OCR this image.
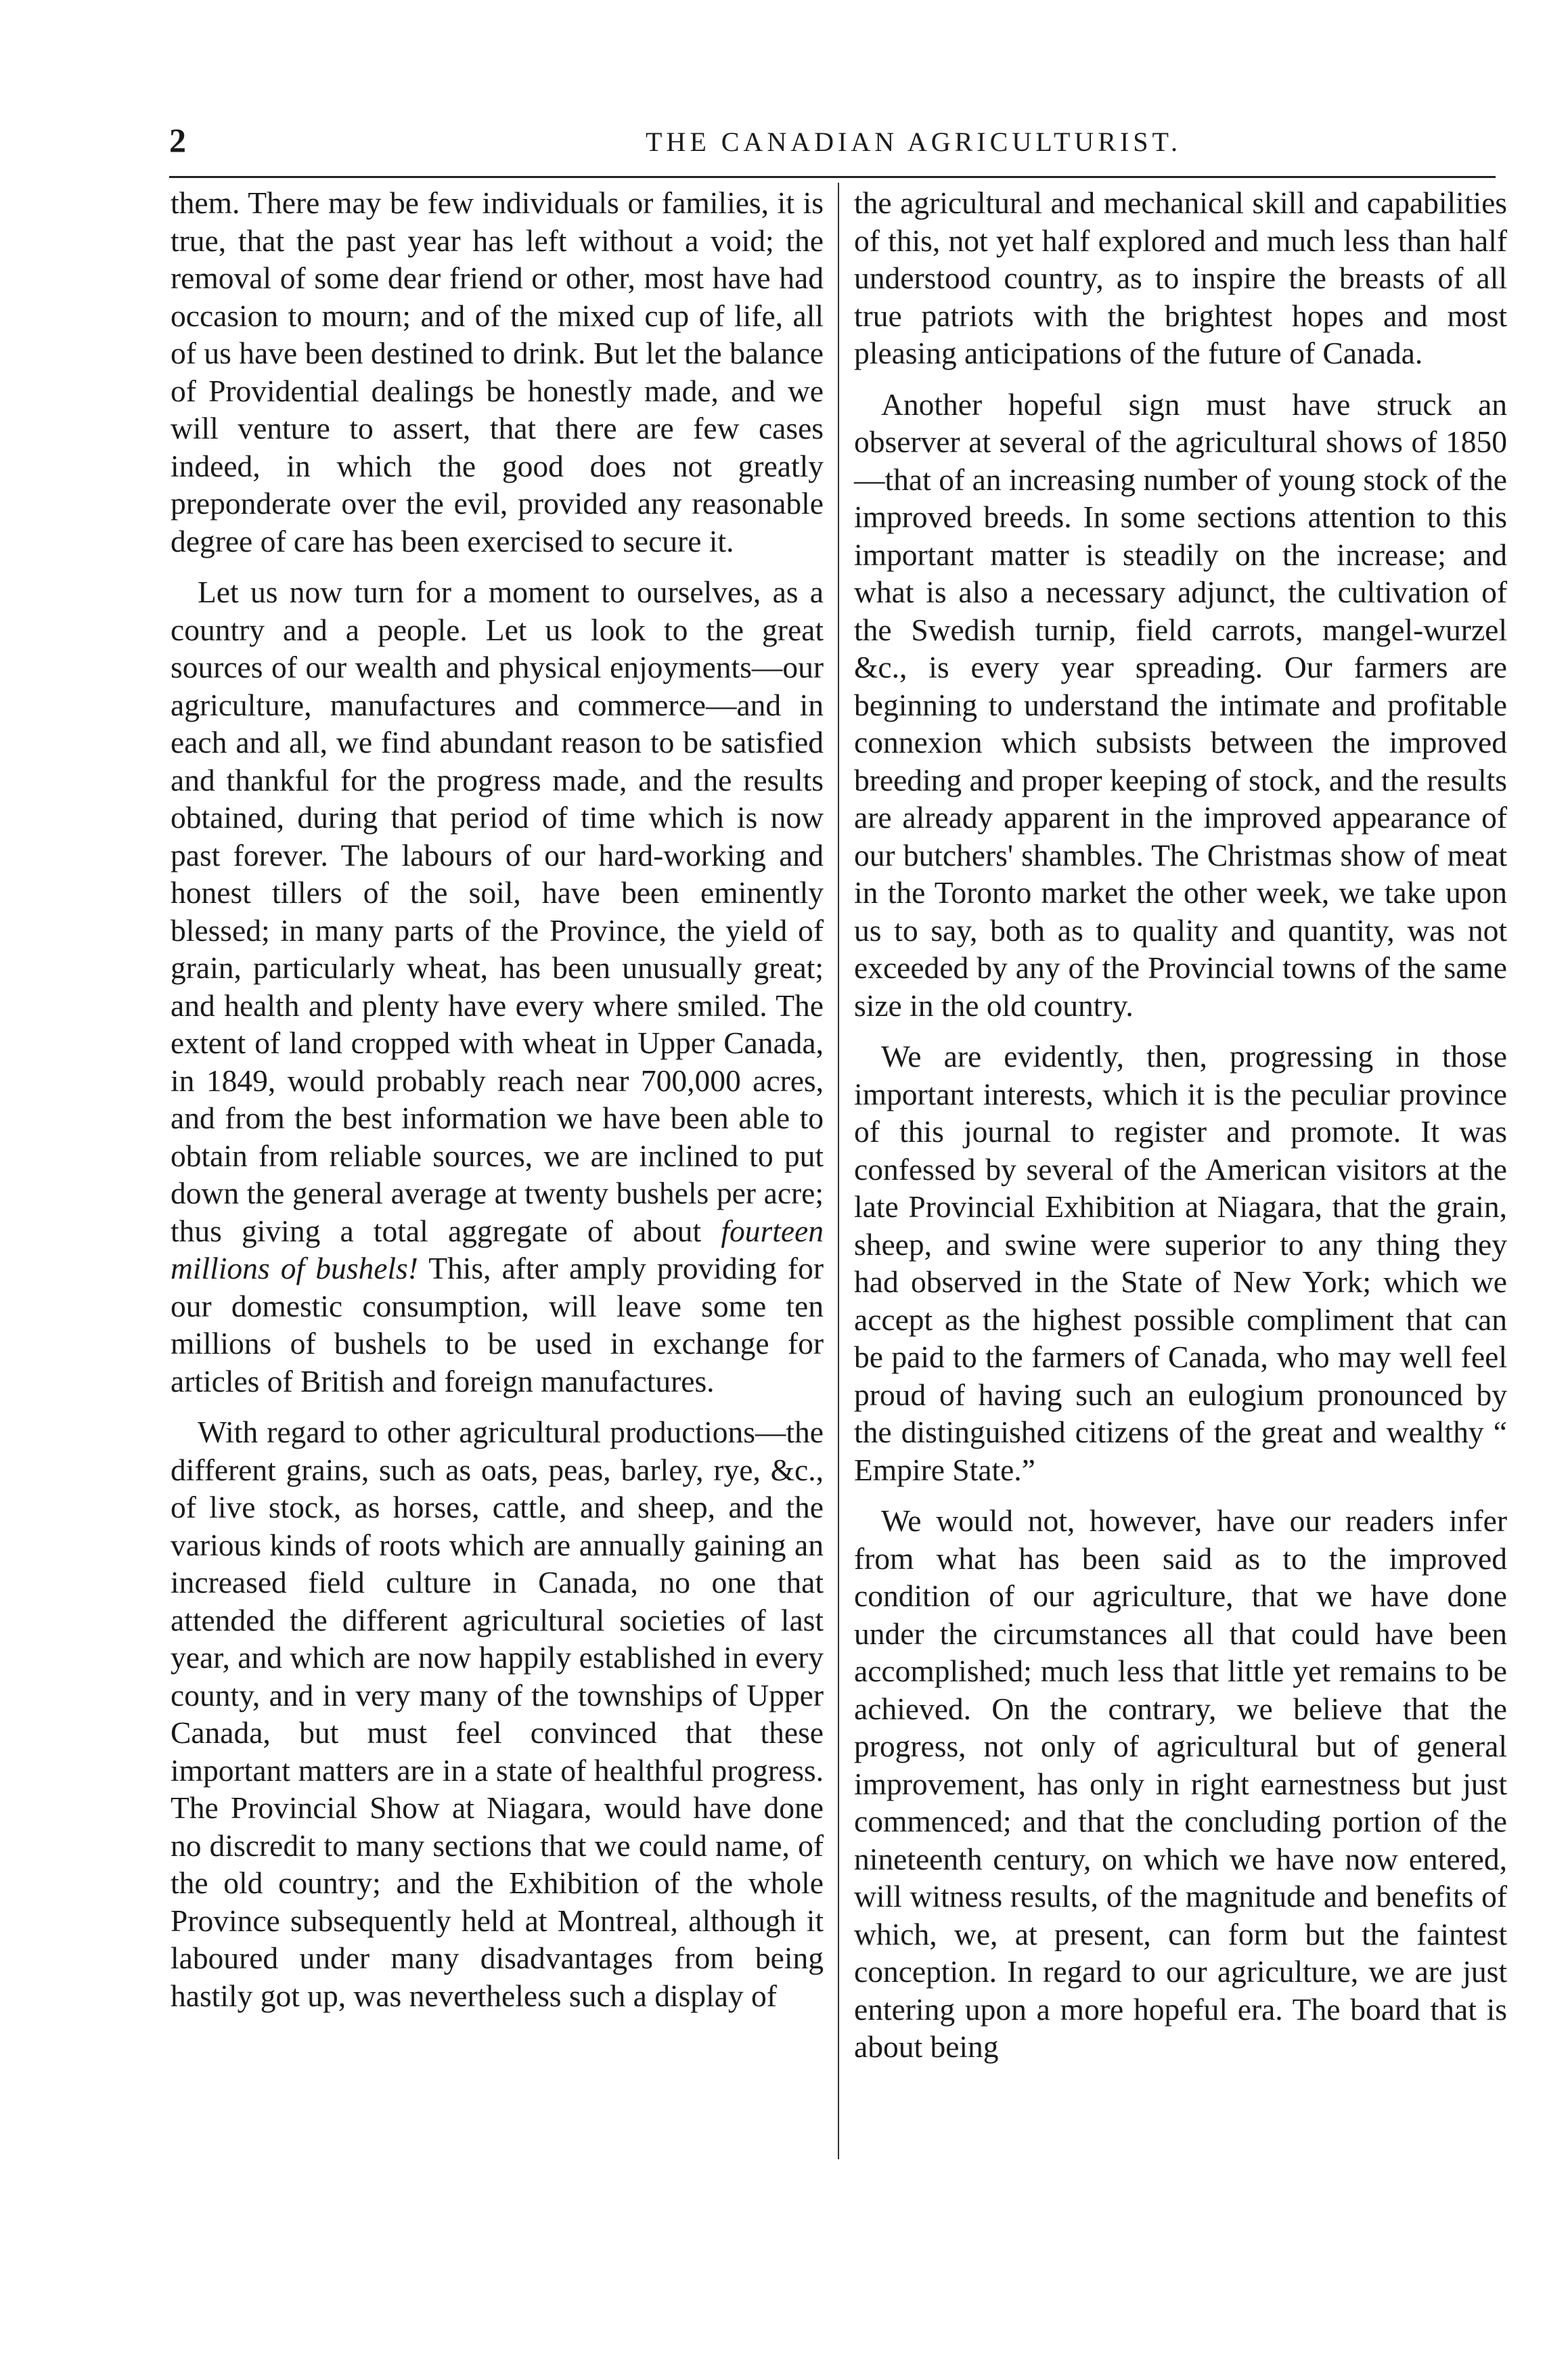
2	THE CANADIAN AGRICULTURIST.

them. There may be few individuals or families, it is true, that the past year has left without a void; the removal of some dear friend or other, most have had occasion to mourn; and of the mixed cup of life, all of us have been destined to drink. But let the balance of Providential dealings be honestly made, and we will venture to assert, that there are few cases indeed, in which the good does not greatly preponderate over the evil, provided any reasonable degree of care has been exercised to secure it.

Let us now turn for a moment to ourselves, as a country and a people. Let us look to the great sources of our wealth and physical enjoyments—our agriculture, manufactures and commerce—and in each and all, we find abundant reason to be satisfied and thankful for the progress made, and the results obtained, during that period of time which is now past forever. The labours of our hard-working and honest tillers of the soil, have been eminently blessed; in many parts of the Province, the yield of grain, particularly wheat, has been unusually great; and health and plenty have every where smiled. The extent of land cropped with wheat in Upper Canada, in 1849, would probably reach near 700,000 acres, and from the best information we have been able to obtain from reliable sources, we are inclined to put down the general average at twenty bushels per acre; thus giving a total aggregate of about fourteen millions of bushels! This, after amply providing for our domestic consumption, will leave some ten millions of bushels to be used in exchange for articles of British and foreign manufactures.

With regard to other agricultural productions—the different grains, such as oats, peas, barley, rye, &c., of live stock, as horses, cattle, and sheep, and the various kinds of roots which are annually gaining an increased field culture in Canada, no one that attended the different agricultural societies of last year, and which are now happily established in every county, and in very many of the townships of Upper Canada, but must feel convinced that these important matters are in a state of healthful progress. The Provincial Show at Niagara, would have done no discredit to many sections that we could name, of the old country; and the Exhibition of the whole Province subsequently held at Montreal, although it laboured under many disadvantages from being hastily got up, was nevertheless such a display of

the agricultural and mechanical skill and capabilities of this, not yet half explored and much less than half understood country, as to inspire the breasts of all true patriots with the brightest hopes and most pleasing anticipations of the future of Canada.

Another hopeful sign must have struck an observer at several of the agricultural shows of 1850—that of an increasing number of young stock of the improved breeds. In some sections attention to this important matter is steadily on the increase; and what is also a necessary adjunct, the cultivation of the Swedish turnip, field carrots, mangel-wurzel &c., is every year spreading. Our farmers are beginning to understand the intimate and profitable connexion which subsists between the improved breeding and proper keeping of stock, and the results are already apparent in the improved appearance of our butchers' shambles. The Christmas show of meat in the Toronto market the other week, we take upon us to say, both as to quality and quantity, was not exceeded by any of the Provincial towns of the same size in the old country.

We are evidently, then, progressing in those important interests, which it is the peculiar province of this journal to register and promote. It was confessed by several of the American visitors at the late Provincial Exhibition at Niagara, that the grain, sheep, and swine were superior to any thing they had observed in the State of New York; which we accept as the highest possible compliment that can be paid to the farmers of Canada, who may well feel proud of having such an eulogium pronounced by the distinguished citizens of the great and wealthy “ Empire State.”

We would not, however, have our readers infer from what has been said as to the improved condition of our agriculture, that we have done under the circumstances all that could have been accomplished; much less that little yet remains to be achieved. On the contrary, we believe that the progress, not only of agricultural but of general improvement, has only in right earnestness but just commenced; and that the concluding portion of the nineteenth century, on which we have now entered, will witness results, of the magnitude and benefits of which, we, at present, can form but the faintest conception. In regard to our agriculture, we are just entering upon a more hopeful era. The board that is about being
